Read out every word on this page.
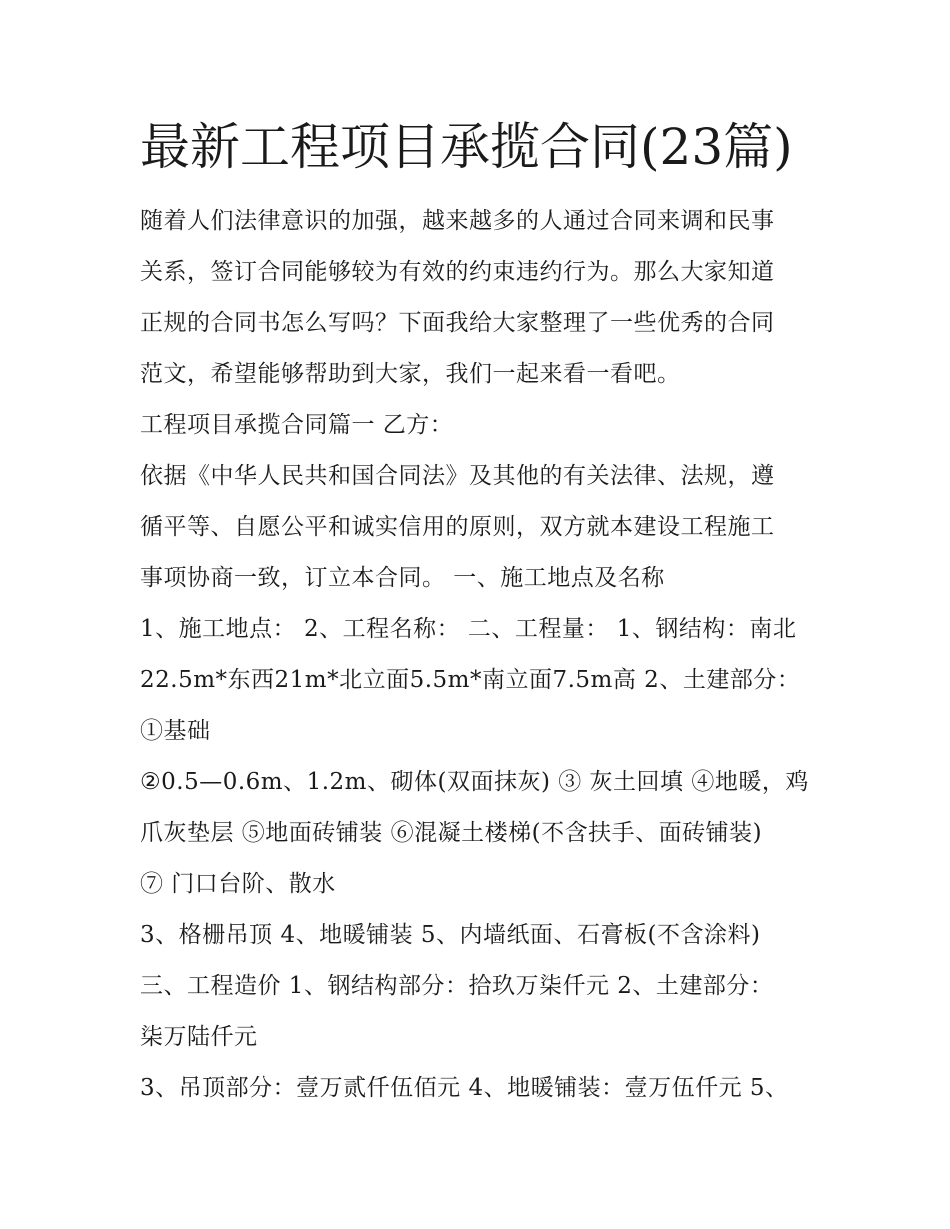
最新工程项目承揽合同(23篇)

随着人们法律意识的加强，越来越多的人通过合同来调和民事
关系，签订合同能够较为有效的约束违约行为。那么大家知道
正规的合同书怎么写吗？下面我给大家整理了一些优秀的合同
范文，希望能够帮助到大家，我们一起来看一看吧。

工程项目承揽合同篇一 乙方：

依据《中华人民共和国合同法》及其他的有关法律、法规，遵
循平等、自愿公平和诚实信用的原则，双方就本建设工程施工
事项协商一致，订立本合同。 一、施工地点及名称

1、施工地点： 2、工程名称： 二、工程量： 1、钢结构：南北
22.5m*东西21m*北立面5.5m*南立面7.5m高 2、土建部分：
①基础

②0.5—0.6m、1.2m、砌体(双面抹灰) ③ 灰土回填 ④地暖，鸡
爪灰垫层 ⑤地面砖铺装 ⑥混凝土楼梯(不含扶手、面砖铺装)
⑦ 门口台阶、散水

3、格栅吊顶 4、地暖铺装 5、内墙纸面、石膏板(不含涂料)

三、工程造价 1、钢结构部分：拾玖万柒仟元 2、土建部分：
柒万陆仟元

3、吊顶部分：壹万贰仟伍佰元 4、地暖铺装：壹万伍仟元 5、
